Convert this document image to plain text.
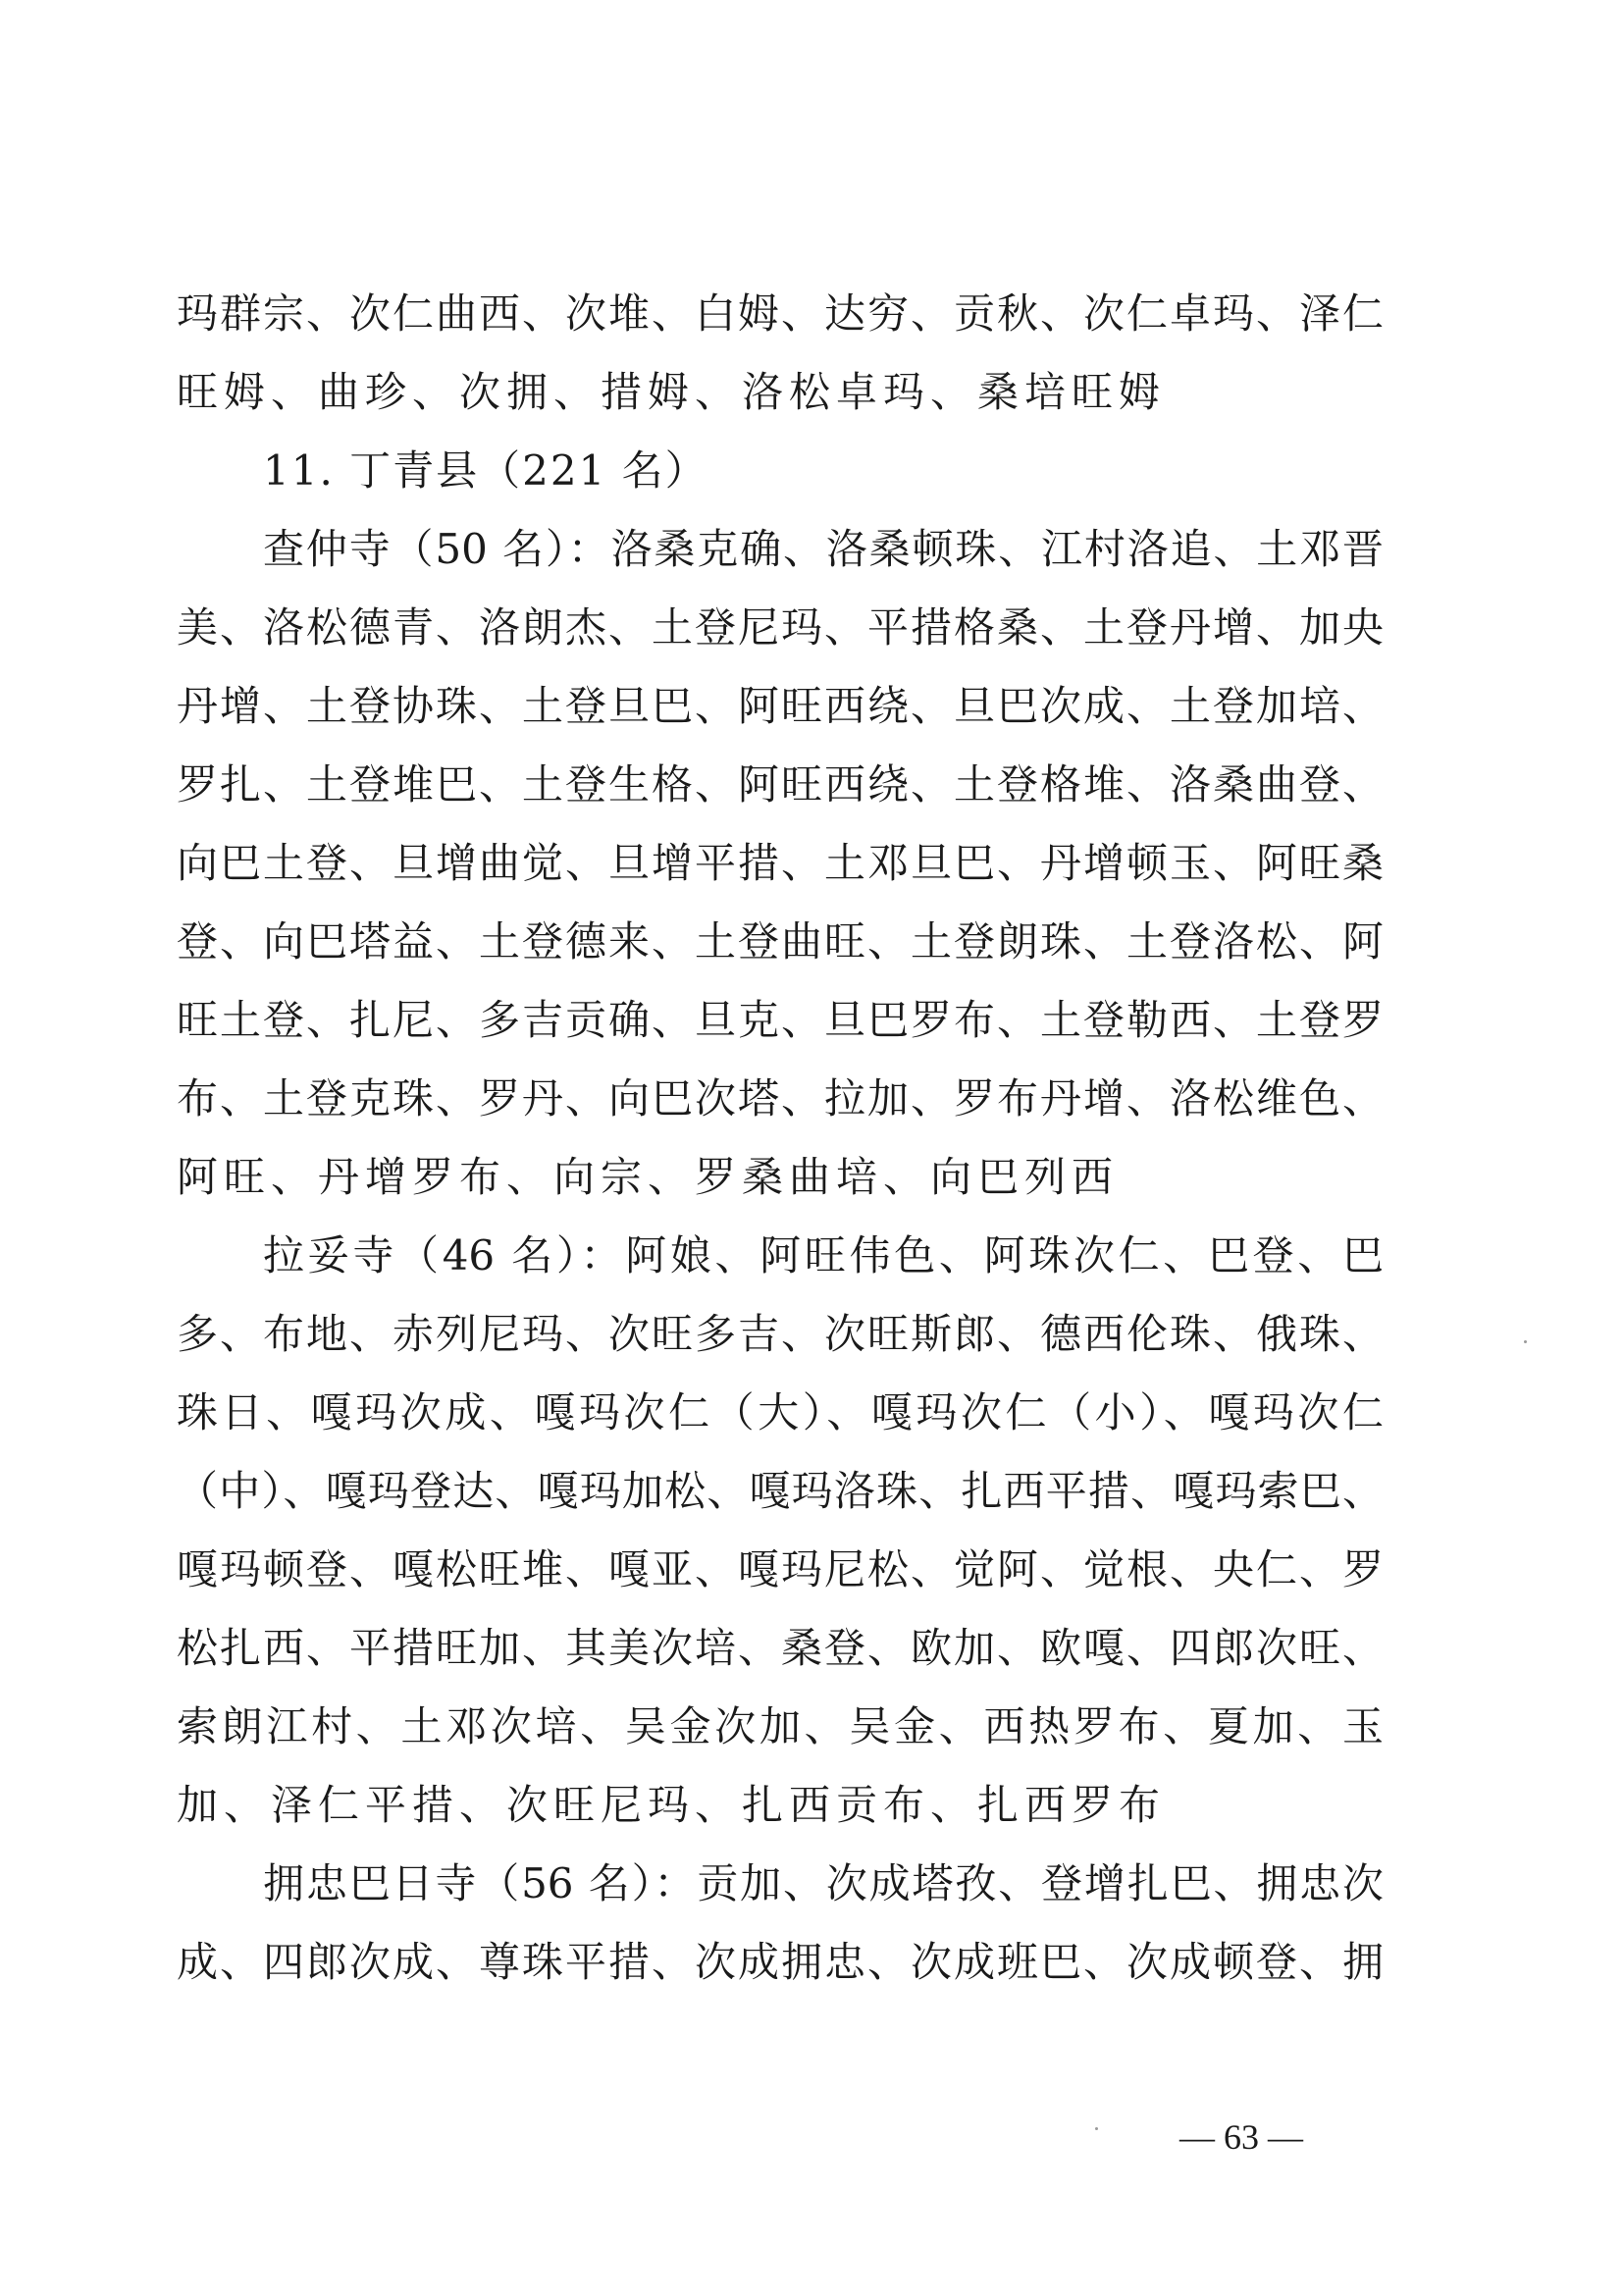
玛群宗、次仁曲西、次堆、白姆、达穷、贡秋、次仁卓玛、泽仁
旺姆、曲珍、次拥、措姆、洛松卓玛、桑培旺姆
11. 丁青县（221 名）
查仲寺（50 名）：洛桑克确、洛桑顿珠、江村洛追、土邓晋
美、洛松德青、洛朗杰、土登尼玛、平措格桑、土登丹增、加央
丹增、土登协珠、土登旦巴、阿旺西绕、旦巴次成、土登加培、
罗扎、土登堆巴、土登生格、阿旺西绕、土登格堆、洛桑曲登、
向巴土登、旦增曲觉、旦增平措、土邓旦巴、丹增顿玉、阿旺桑
登、向巴塔益、土登德来、土登曲旺、土登朗珠、土登洛松、阿
旺土登、扎尼、多吉贡确、旦克、旦巴罗布、土登勒西、土登罗
布、土登克珠、罗丹、向巴次塔、拉加、罗布丹增、洛松维色、
阿旺、丹增罗布、向宗、罗桑曲培、向巴列西
拉妥寺（46 名）：阿娘、阿旺伟色、阿珠次仁、巴登、巴
多、布地、赤列尼玛、次旺多吉、次旺斯郎、德西伦珠、俄珠、
珠日、嘎玛次成、嘎玛次仁（大）、嘎玛次仁（小）、嘎玛次仁
（中）、嘎玛登达、嘎玛加松、嘎玛洛珠、扎西平措、嘎玛索巴、
嘎玛顿登、嘎松旺堆、嘎亚、嘎玛尼松、觉阿、觉根、央仁、罗
松扎西、平措旺加、其美次培、桑登、欧加、欧嘎、四郎次旺、
索朗江村、土邓次培、吴金次加、吴金、西热罗布、夏加、玉
加、泽仁平措、次旺尼玛、扎西贡布、扎西罗布
拥忠巴日寺（56 名）：贡加、次成塔孜、登增扎巴、拥忠次
成、四郎次成、尊珠平措、次成拥忠、次成班巴、次成顿登、拥
— 63 —
